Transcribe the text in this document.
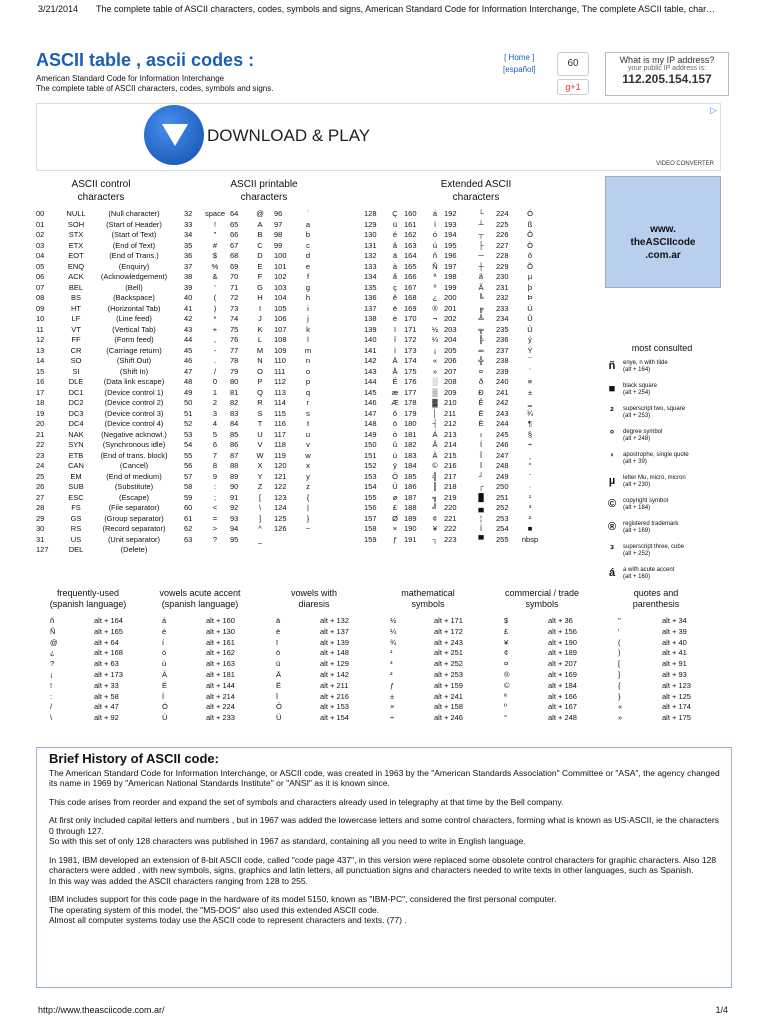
3/21/2014 The complete table of ASCII characters, codes, symbols and signs, American Standard Code for Information Interchange, The complete ASCII table, char…
ASCII table , ascii codes :
American Standard Code for Information Interchange
The complete table of ASCII characters, codes, symbols and signs.
[ Home ]
[español]
60
g+1
What is my IP address?
your public IP address is:
112.205.154.157
DOWNLOAD & PLAY
▷
VIDEO CONVERTER
www.
theASCIIcode
.com.ar
ASCII control
characters
ASCII printable
characters
Extended ASCII
characters
00	NULL	(Null character)
01	SOH	(Start of Header)
02	STX	(Start of Text)
03	ETX	(End of Text)
04	EOT	(End of Trans.)
05	ENQ	(Enquiry)
06	ACK (Acknowledgement)
07	BEL	(Bell)
08	BS	(Backspace)
09	HT	(Horizontal Tab)
10	LF	(Line feed)
11	VT	(Vertical Tab)
12	FF	(Form feed)
13	CR	(Carriage return)
14	SO	(Shift Out)
15	SI	(Shift In)
16	DLE	(Data link escape)
17	DC1	(Device control 1)
18	DC2	(Device control 2)
19	DC3	(Device control 3)
20	DC4	(Device control 4)
21	NAK (Negative acknowl.)
22	SYN	(Synchronous idle)
23	ETB (End of trans. block)
24	CAN	(Cancel)
25	EM	(End of medium)
26	SUB	(Substitute)
27	ESC	(Escape)
28	FS	(File separator)
29	GS	(Group separator)
30	RS	(Record separator)
31	US	(Unit separator)
127	DEL	(Delete)
32 space 64 @ 96	`
33	! 65	A 97	a
34	" 66	B 98	b
35	# 67	C 99	c
36	$ 68	D 100	d
37	% 69	E 101	e
38	& 70	F 102	f
39	' 71 G 103	g
40	( 72	H 104	h
41	) 73	I 105	i
42	* 74	J 106	j
43	+ 75	K 107	k
44	, 76	L 108	l
45	- 77 M 109 m
46	. 78	N 110	n
47	/ 79 O 111	o
48	0 80	P 112	p
49	1 81 Q 113	q
50	2 82	R 114	r
51	3 83	S 115	s
52	4 84	T 116	t
53	5 85	U 117	u
54	6 86	V 118	v
55	7 87 W 119	w
56	8 88	X 120	x
57	9 89	Y 121	y
58	: 90	Z 122	z
59	; 91	[ 123	{
60	< 92	\ 124	|
61	= 93	] 125	}
62	> 94	^ 126	~
63	? 95	_
128 Ç 160 á 192	└ 224 Ó
129 ü 161 í 193	┴ 225	ß
130 é 162 ó 194	┬ 226 Ô
131 â 163 ú 195	├ 227 Ò
132 ä 164 ñ 196	─ 228	õ
133 à 165 Ñ 197	┼ 229 Õ
134 å 166 ª 198	ã 230	µ
135 ç 167 º 199	Ã 231	þ
136 ê 168 ¿ 200	╚ 232	Þ
137 ë 169 ® 201	╔ 233	Ú
138 è 170 ¬ 202	╩ 234	Û
139 ï 171 ½ 203	╦ 235	Ù
140 î 172 ¼ 204	╠ 236	ý
141 ì 173 ¡ 205	═ 237	Ý
142 Ä 174 « 206	╬ 238	¯
143 Å 175 » 207	¤ 239	´
144 É 176 ░ 208	ð 240	≡
145 æ 177 ▒ 209	Ð 241	±
146 Æ 178 ▓ 210	Ê 242	‗
147 ô 179 │ 211	Ë 243 ¾
148 ö 180 ┤ 212	È 244	¶
149 ò 181 Á 213	ı 245	§
150 û 182 Â 214	Í 246	÷
151 ù 183 À 215	Î 247	¸
152 ÿ 184 © 216	Ï 248	°
153 Ö 185 ╣ 217	┘ 249	¨
154 Ü 186 ║ 218	┌ 250	·
155 ø 187 ╗ 219	█ 251	¹
156 £ 188 ╝ 220	▄ 252	³
157 Ø 189 ¢ 221	¦ 253	²
158 × 190 ¥ 222	Ì 254	■
159 ƒ 191 ┐ 223	▀ 255 nbsp
most consulted
ñ	enye, n with tilde
(alt + 164)
■	black square
(alt + 254)
²	superscript two, square
(alt + 253)
°	degree symbol
(alt + 248)
'	apostrophe, single quote
(alt + 39)
µ	letter Mu, micro, micron
(alt + 230)
©	copyright symbol
(alt + 184)
®	registered trademark
(alt + 169)
³	superscript three, cube
(alt + 252)
á	a with acute accent
(alt + 160)
frequently-used
(spanish language)
ñ	alt + 164
Ñ	alt + 165
@	alt + 64
¿	alt + 168
?	alt + 63
¡	alt + 173
!	alt + 33
:	alt + 58
/	alt + 47
\	alt + 92
vowels acute accent
(spanish language)
á	alt + 160
é	alt + 130
í	alt + 161
ó	alt + 162
ú	alt + 163
Á	alt + 181
É	alt + 144
Í	alt + 214
Ó	alt + 224
Ú	alt + 233
vowels with
diaresis
ä	alt + 132
ë	alt + 137
ï	alt + 139
ö	alt + 148
ü	alt + 129
Ä	alt + 142
Ë	alt + 211
Ï	alt + 216
Ö	alt + 153
Ü	alt + 154
mathematical
symbols
½	alt + 171
¼	alt + 172
¾	alt + 243
¹	alt + 251
³	alt + 252
²	alt + 253
ƒ	alt + 159
±	alt + 241
×	alt + 158
÷	alt + 246
commercial / trade
symbols
$	alt + 36
£	alt + 156
¥	alt + 190
¢	alt + 189
¤	alt + 207
®	alt + 169
©	alt + 184
ª	alt + 166
º	alt + 167
°	alt + 248
quotes and
parenthesis
"	alt + 34
'	alt + 39
(	alt + 40
)	alt + 41
[	alt + 91
]	alt + 93
{	alt + 123
}	alt + 125
«	alt + 174
»	alt + 175
Brief History of ASCII code:

The American Standard Code for Information Interchange, or ASCII code, was created in 1963 by the "American Standards Association" Committee or "ASA", the agency changed its name in 1969 by "American National Standards Institute" or "ANSI" as it is known since.

This code arises from reorder and expand the set of symbols and characters already used in telegraphy at that time by the Bell company.

At first only included capital letters and numbers , but in 1967 was added the lowercase letters and some control characters, forming what is known as US-ASCII, ie the characters 0 through 127.
So with this set of only 128 characters was published in 1967 as standard, containing all you need to write in English language.

In 1981, IBM developed an extension of 8-bit ASCII code, called "code page 437", in this version were replaced some obsolete control characters for graphic characters. Also 128 characters were added , with new symbols, signs, graphics and latin letters, all punctuation signs and characters needed to write texts in other languages, such as Spanish.
In this way was added the ASCII characters ranging from 128 to 255.

IBM includes support for this code page in the hardware of its model 5150, known as "IBM-PC", considered the first personal computer.
The operating system of this model, the "MS-DOS" also used this extended ASCII code.
Almost all computer systems today use the ASCII code to represent characters and texts. (77) .

http://www.theasciicode.com.ar/	1/4
